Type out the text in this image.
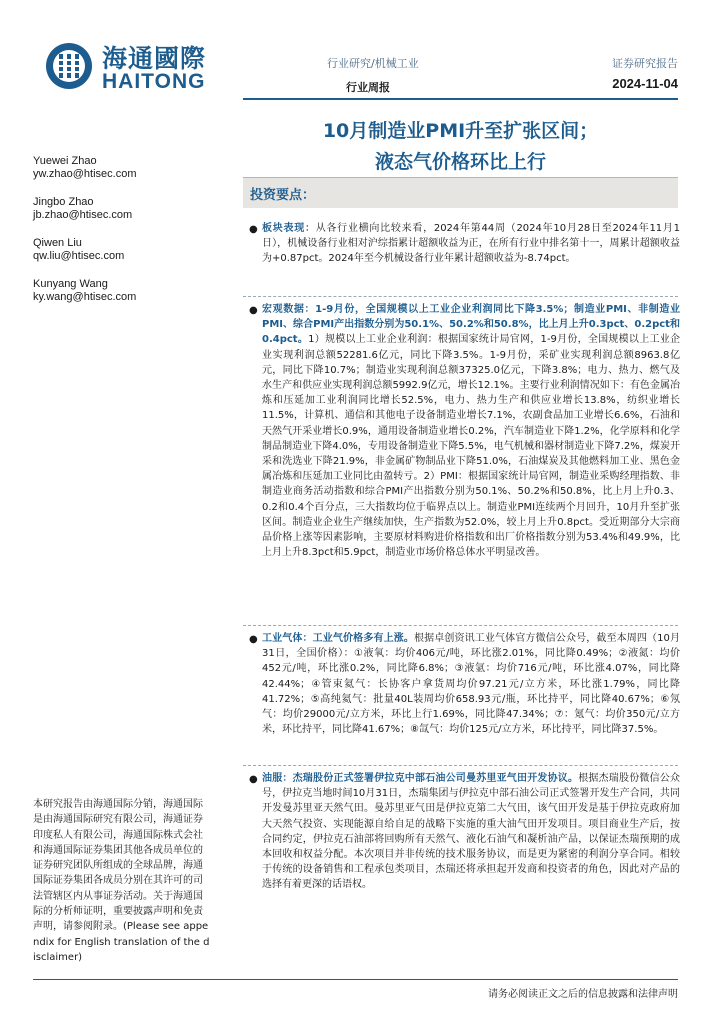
海通國際
HAITONG
行业研究/机械工业
行业周报
证券研究报告
2024-11-04
10月制造业PMI升至扩张区间；
液态气价格环比上行
Yuewei Zhao
yw.zhao@htisec.com
Jingbo Zhao
jb.zhao@htisec.com
Qiwen Liu
qw.liu@htisec.com
Kunyang Wang
ky.wang@htisec.com
投资要点：
● 板块表现：从各行业横向比较来看，2024年第44周（2024年10月28日至2024年11月1日），机械设备行业相对沪综指累计超额收益为正，在所有行业中排名第十一，周累计超额收益为+0.87pct。2024年至今机械设备行业年累计超额收益为-8.74pct。
● 宏观数据：1-9月份，全国规模以上工业企业利润同比下降3.5%；制造业PMI、非制造业PMI、综合PMI产出指数分别为50.1%、50.2%和50.8%，比上月上升0.3pct、0.2pct和0.4pct。1）规模以上工业企业利润：根据国家统计局官网，1-9月份，全国规模以上工业企业实现利润总额52281.6亿元，同比下降3.5%。1-9月份，采矿业实现利润总额8963.8亿元，同比下降10.7%；制造业实现利润总额37325.0亿元，下降3.8%；电力、热力、燃气及水生产和供应业实现利润总额5992.9亿元，增长12.1%。主要行业利润情况如下：有色金属冶炼和压延加工业利润同比增长52.5%，电力、热力生产和供应业增长13.8%，纺织业增长11.5%，计算机、通信和其他电子设备制造业增长7.1%，农副食品加工业增长6.6%，石油和天然气开采业增长0.9%，通用设备制造业增长0.2%，汽车制造业下降1.2%，化学原料和化学制品制造业下降4.0%，专用设备制造业下降5.5%，电气机械和器材制造业下降7.2%，煤炭开采和洗选业下降21.9%，非金属矿物制品业下降51.0%，石油煤炭及其他燃料加工业、黑色金属冶炼和压延加工业同比由盈转亏。2）PMI：根据国家统计局官网，制造业采购经理指数、非制造业商务活动指数和综合PMI产出指数分别为50.1%、50.2%和50.8%，比上月上升0.3、0.2和0.4个百分点，三大指数均位于临界点以上。制造业PMI连续两个月回升，10月升至扩张区间。制造业企业生产继续加快，生产指数为52.0%，较上月上升0.8pct。受近期部分大宗商品价格上涨等因素影响，主要原材料购进价格指数和出厂价格指数分别为53.4%和49.9%，比上月上升8.3pct和5.9pct，制造业市场价格总体水平明显改善。
● 工业气体：工业气价格多有上涨。根据卓创资讯工业气体官方微信公众号，截至本周四（10月31日，全国价格）：①液氧：均价406元/吨，环比涨2.01%，同比降0.49%；②液氮：均价452元/吨，环比涨0.2%，同比降6.8%；③液氩：均价716元/吨，环比涨4.07%，同比降42.44%；④管束氦气：长协客户拿货周均价97.21元/立方米，环比涨1.79%，同比降41.72%；⑤高纯氦气：批量40L装周均价658.93元/瓶，环比持平，同比降40.67%；⑥氖气：均价29000元/立方米，环比上行1.69%，同比降47.34%；⑦：氪气：均价350元/立方米，环比持平，同比降41.67%；⑧氙气：均价125元/立方米，环比持平，同比降37.5%。
● 油服：杰瑞股份正式签署伊拉克中部石油公司曼苏里亚气田开发协议。根据杰瑞股份微信公众号，伊拉克当地时间10月31日，杰瑞集团与伊拉克中部石油公司正式签署开发生产合同，共同开发曼苏里亚天然气田。曼苏里亚气田是伊拉克第二大气田，该气田开发是基于伊拉克政府加大天然气投资、实现能源自给自足的战略下实施的重大油气田开发项目。项目商业生产后，按合同约定，伊拉克石油部将回购所有天然气、液化石油气和凝析油产品，以保证杰瑞预期的成本回收和权益分配。本次项目并非传统的技术服务协议，而是更为紧密的利润分享合同。相较于传统的设备销售和工程承包类项目，杰瑞还将承担起开发商和投资者的角色，因此对产品的选择有着更深的话语权。
本研究报告由海通国际分销，海通国际是由海通国际研究有限公司，海通证券印度私人有限公司，海通国际株式会社和海通国际证券集团其他各成员单位的证券研究团队所组成的全球品牌，海通国际证券集团各成员分别在其许可的司法管辖区内从事证券活动。关于海通国际的分析师证明，重要披露声明和免责声明，请参阅附录。(Please see appendix for English translation of the disclaimer)
请务必阅读正文之后的信息披露和法律声明
